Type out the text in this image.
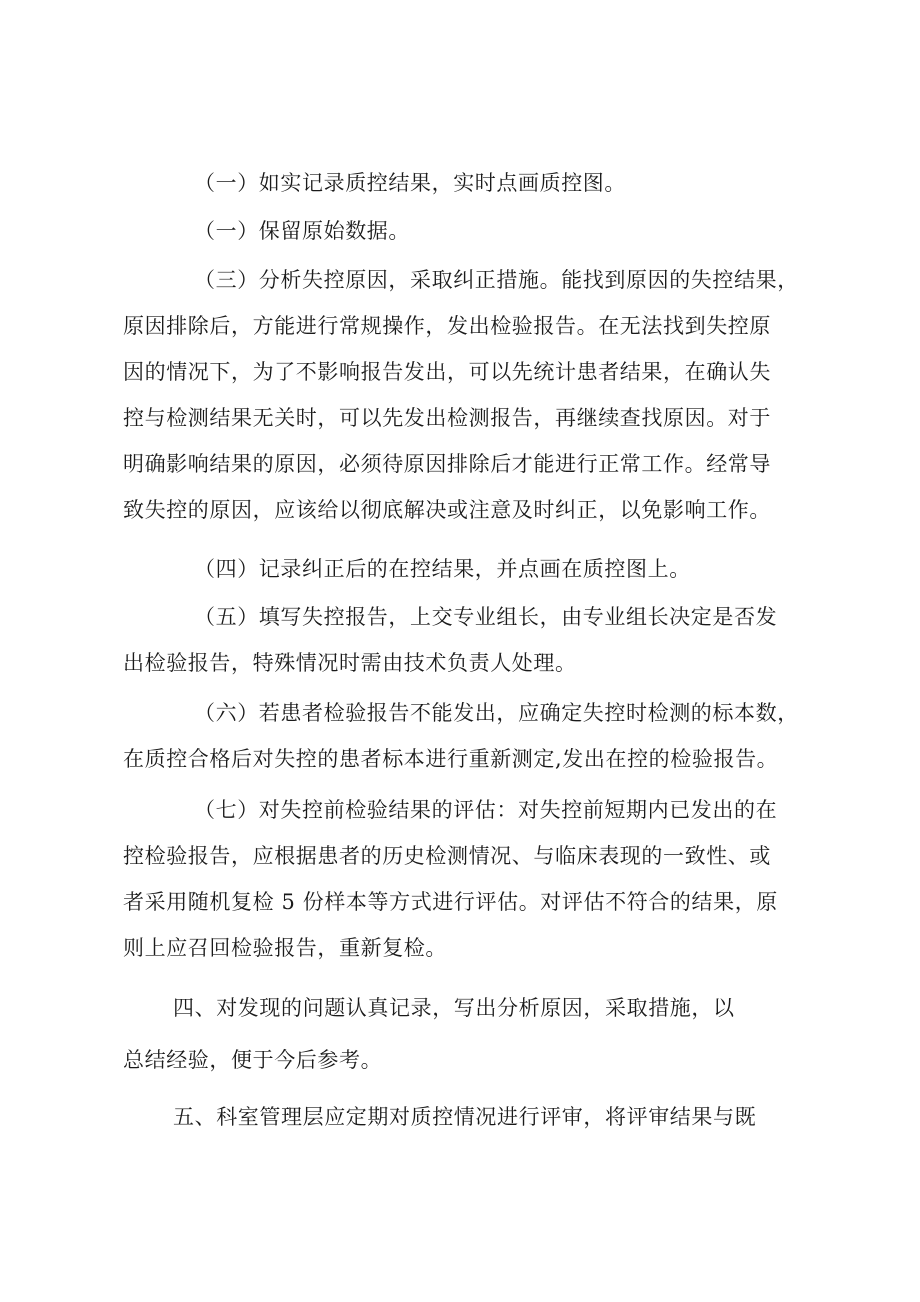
（一）如实记录质控结果，实时点画质控图。

（一）保留原始数据。

（三）分析失控原因，采取纠正措施。能找到原因的失控结果，
原因排除后，方能进行常规操作，发出检验报告。在无法找到失控原
因的情况下，为了不影响报告发出，可以先统计患者结果，在确认失
控与检测结果无关时，可以先发出检测报告，再继续查找原因。对于
明确影响结果的原因，必须待原因排除后才能进行正常工作。经常导
致失控的原因，应该给以彻底解决或注意及时纠正，以免影响工作。

（四）记录纠正后的在控结果，并点画在质控图上。

（五）填写失控报告，上交专业组长，由专业组长决定是否发
出检验报告，特殊情况时需由技术负责人处理。

（六）若患者检验报告不能发出，应确定失控时检测的标本数，
在质控合格后对失控的患者标本进行重新测定,发出在控的检验报告。

（七）对失控前检验结果的评估：对失控前短期内已发出的在
控检验报告，应根据患者的历史检测情况、与临床表现的一致性、或
者采用随机复检 5 份样本等方式进行评估。对评估不符合的结果，原
则上应召回检验报告，重新复检。

四、对发现的问题认真记录，写出分析原因，采取措施，以
总结经验，便于今后参考。

五、科室管理层应定期对质控情况进行评审，将评审结果与既
